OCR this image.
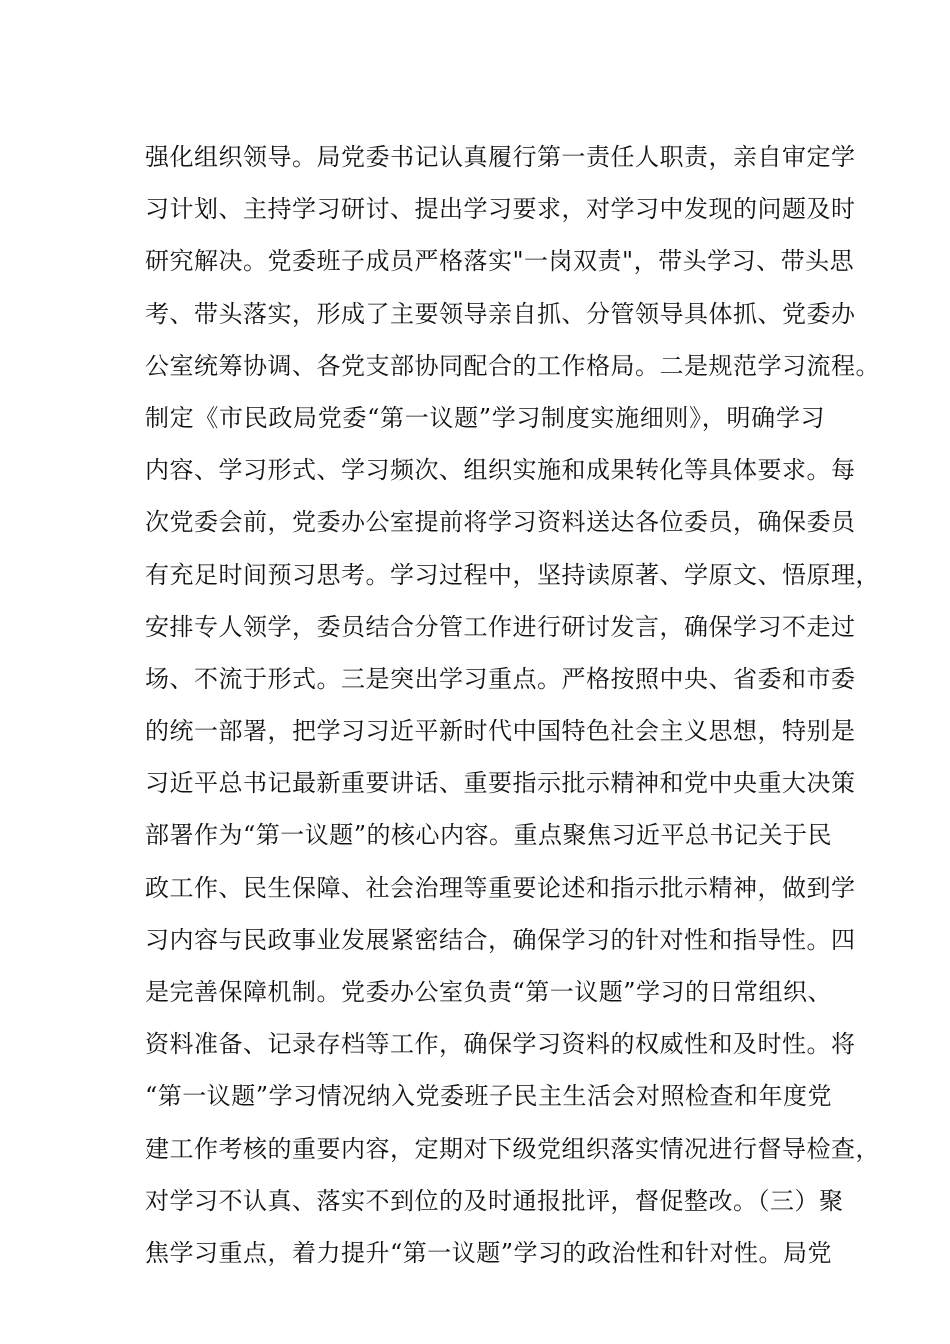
强化组织领导。局党委书记认真履行第一责任人职责，亲自审定学
习计划、主持学习研讨、提出学习要求，对学习中发现的问题及时
研究解决。党委班子成员严格落实"一岗双责"，带头学习、带头思
考、带头落实，形成了主要领导亲自抓、分管领导具体抓、党委办
公室统筹协调、各党支部协同配合的工作格局。二是规范学习流程。
制定《市民政局党委“第一议题”学习制度实施细则》，明确学习
内容、学习形式、学习频次、组织实施和成果转化等具体要求。每
次党委会前，党委办公室提前将学习资料送达各位委员，确保委员
有充足时间预习思考。学习过程中，坚持读原著、学原文、悟原理，
安排专人领学，委员结合分管工作进行研讨发言，确保学习不走过
场、不流于形式。三是突出学习重点。严格按照中央、省委和市委
的统一部署，把学习习近平新时代中国特色社会主义思想，特别是
习近平总书记最新重要讲话、重要指示批示精神和党中央重大决策
部署作为“第一议题”的核心内容。重点聚焦习近平总书记关于民
政工作、民生保障、社会治理等重要论述和指示批示精神，做到学
习内容与民政事业发展紧密结合，确保学习的针对性和指导性。四
是完善保障机制。党委办公室负责“第一议题”学习的日常组织、
资料准备、记录存档等工作，确保学习资料的权威性和及时性。将
“第一议题”学习情况纳入党委班子民主生活会对照检查和年度党
建工作考核的重要内容，定期对下级党组织落实情况进行督导检查，
对学习不认真、落实不到位的及时通报批评，督促整改。（三）聚
焦学习重点，着力提升“第一议题”学习的政治性和针对性。局党
